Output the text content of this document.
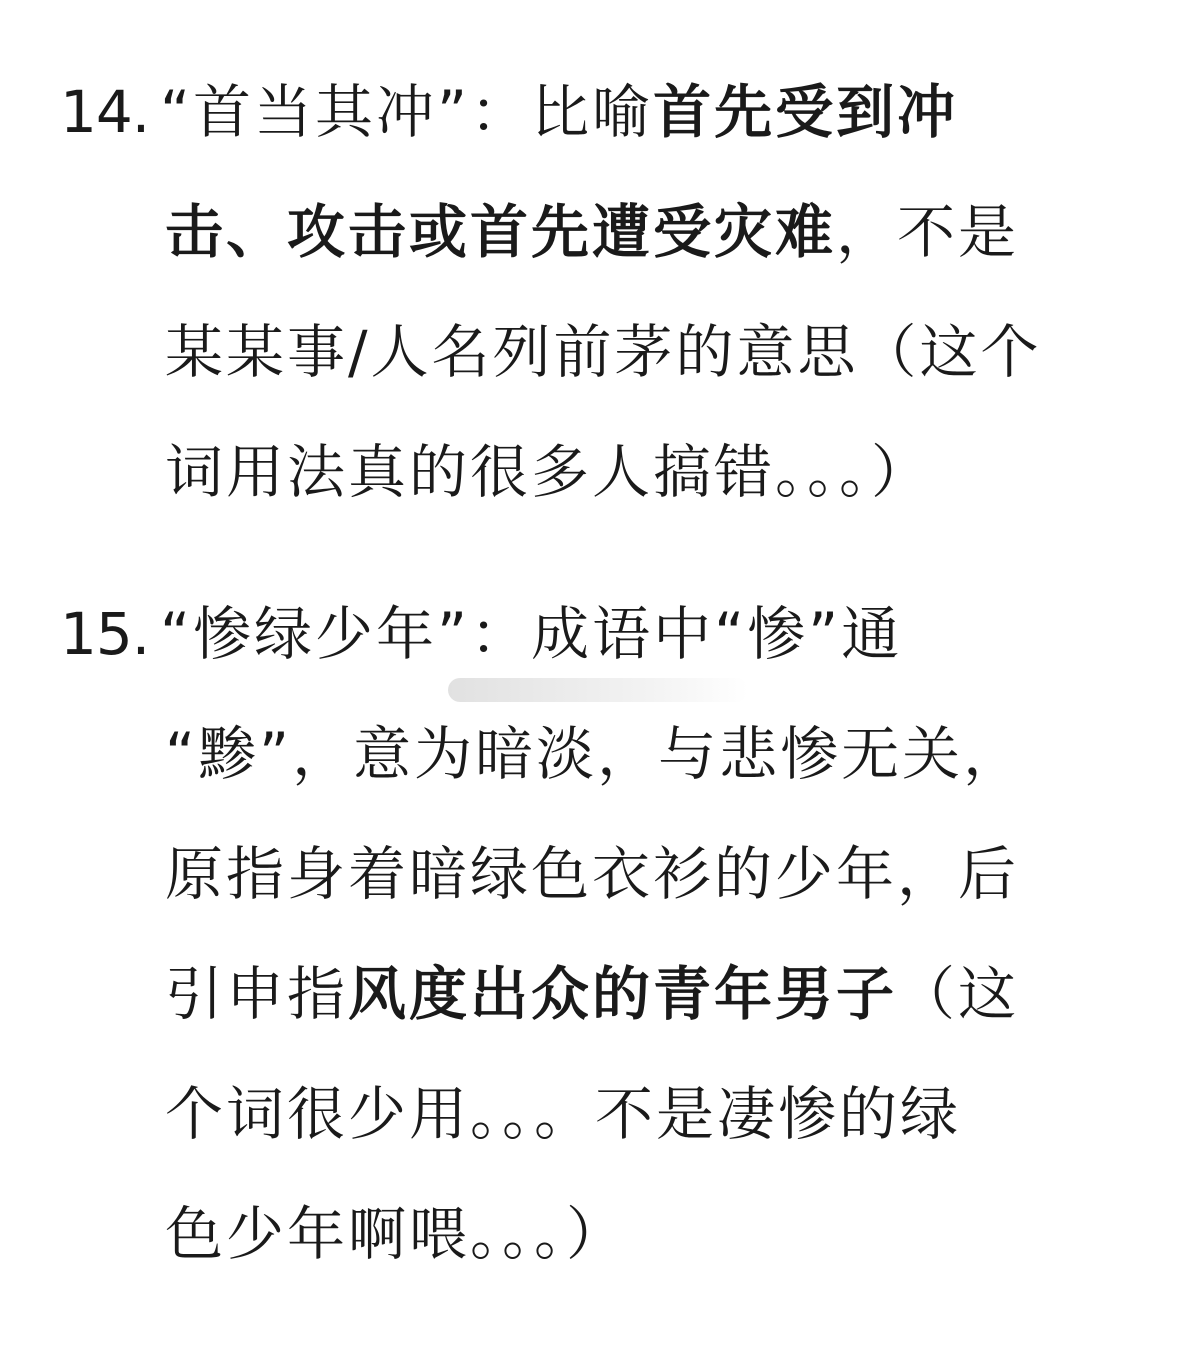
14. “首当其冲”：比喻首先受到冲
击、攻击或首先遭受灾难，不是
某某事/人名列前茅的意思（这个
词用法真的很多人搞错。。。）
15. “惨绿少年”：成语中“惨”通
“黪”，意为暗淡，与悲惨无关，
原指身着暗绿色衣衫的少年，后
引申指风度出众的青年男子（这
个词很少用。。。不是凄惨的绿
色少年啊喂。。。）
